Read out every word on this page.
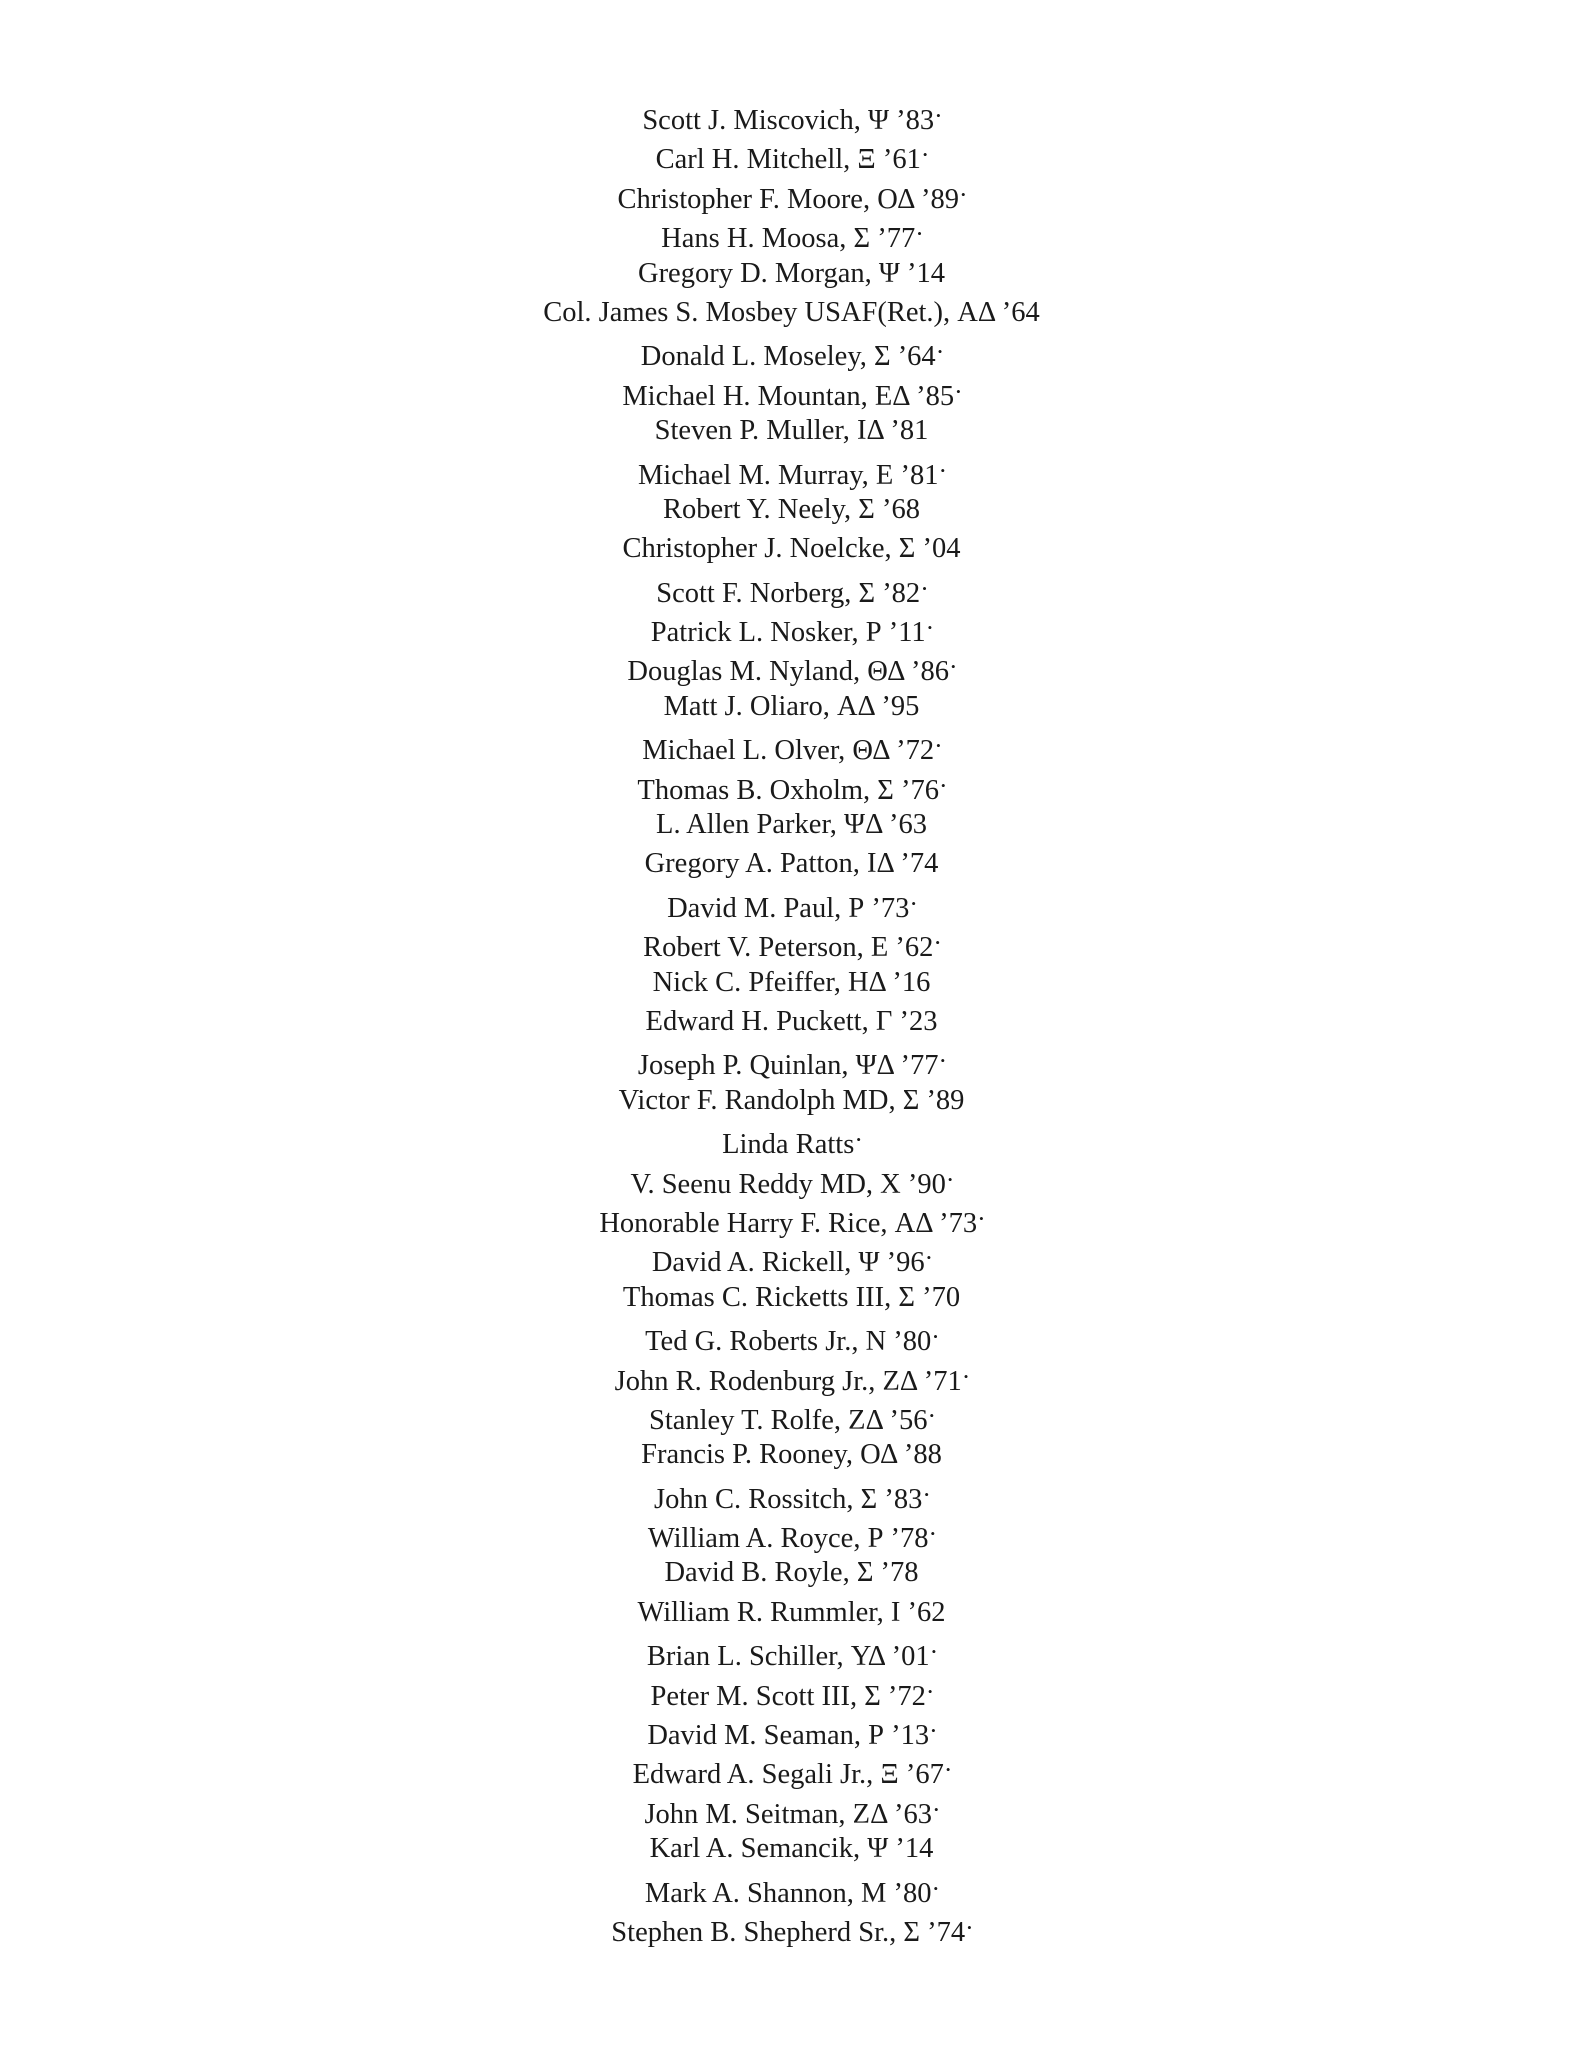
Scott J. Miscovich, Ψ ’83 •
Carl H. Mitchell, Ξ ’61 •
Christopher F. Moore, ΟΔ ’89 •
Hans H. Moosa, Σ ’77 •
Gregory D. Morgan, Ψ ’14
Col. James S. Mosbey USAF(Ret.), ΑΔ ’64
Donald L. Moseley, Σ ’64 •
Michael H. Mountan, ΕΔ ’85 •
Steven P. Muller, ΙΔ ’81
Michael M. Murray, Ε ’81 •
Robert Y. Neely, Σ ’68
Christopher J. Noelcke, Σ ’04
Scott F. Norberg, Σ ’82 •
Patrick L. Nosker, Ρ ’11 •
Douglas M. Nyland, ΘΔ ’86 •
Matt J. Oliaro, ΑΔ ’95
Michael L. Olver, ΘΔ ’72 •
Thomas B. Oxholm, Σ ’76 •
L. Allen Parker, ΨΔ ’63
Gregory A. Patton, ΙΔ ’74
David M. Paul, Ρ ’73 •
Robert V. Peterson, Ε ’62 •
Nick C. Pfeiffer, ΗΔ ’16
Edward H. Puckett, Γ ’23
Joseph P. Quinlan, ΨΔ ’77 •
Victor F. Randolph MD, Σ ’89
Linda Ratts •
V. Seenu Reddy MD, Χ ’90 •
Honorable Harry F. Rice, ΑΔ ’73 •
David A. Rickell, Ψ ’96 •
Thomas C. Ricketts III, Σ ’70
Ted G. Roberts Jr., Ν ’80 •
John R. Rodenburg Jr., ΖΔ ’71 •
Stanley T. Rolfe, ΖΔ ’56 •
Francis P. Rooney, ΟΔ ’88
John C. Rossitch, Σ ’83 •
William A. Royce, Ρ ’78 •
David B. Royle, Σ ’78
William R. Rummler, Ι ’62
Brian L. Schiller, ΥΔ ’01 •
Peter M. Scott III, Σ ’72 •
David M. Seaman, Ρ ’13 •
Edward A. Segali Jr., Ξ ’67 •
John M. Seitman, ΖΔ ’63 •
Karl A. Semancik, Ψ ’14
Mark A. Shannon, Μ ’80 •
Stephen B. Shepherd Sr., Σ ’74 •
